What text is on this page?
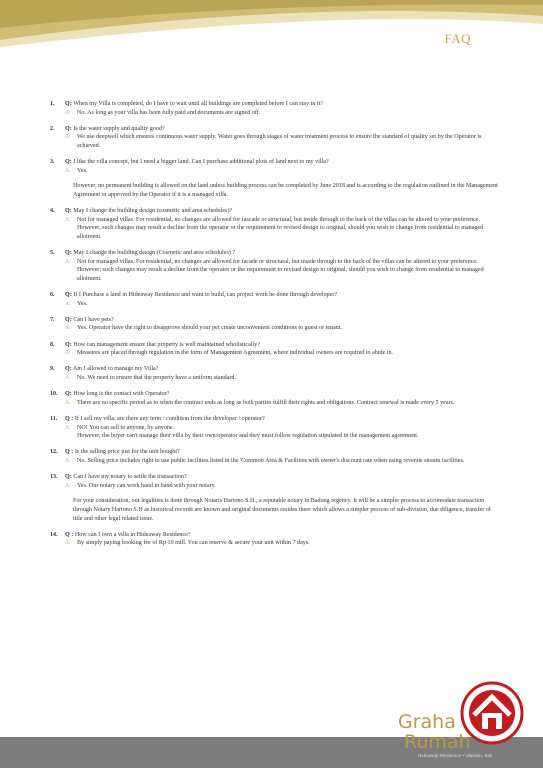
FAQ
1. Q: When my Villa is completed, do I have to wait until all buildings are completed before I can stay in it?
A:	No. As long as your villa has been fully paid and documents are signed off.
2. Q: Is the water supply and quality good?
A:	We use deepwell which ensures continuous water supply. Water goes through stages of water treatment process to ensure the standard of quality set by the Operator is achieved.
3. Q: I like the villa concept, but I need a bigger land. Can I purchase additional plots of land next to my villa?
A:	Yes.
However, no permanent building is allowed on the land unless building process can be completed by June 2018 and is according to the regulation outlined in the Management Agreement or approved by the Operator if it is a managed villa.
4. Q: May I change the building design (cosmetic and area schedules)?
A:	Not for managed villas. For residential, no changes are allowed for fascade or structural, but inside through to the back of the villas can be altered to your preference. However, such changes may result a decline from the operator or the requirement to revised design to original, should you wish to change from residential to managed allotment.
5. Q: May I change the building design (Cosmetic and area schedules) ?
A:	Not for managed villas. For residential, no changes are allowed for facade or structural, but inside through to the back of the villas can be altered to your preference. However; such changes may result a decline from the operator or the requirement to revised design to original, should you wish to change from residential to managed allotment.
6. Q: If I Purchase a land in Hideaway Residence and want to build, can project work be done through developer?
A:	Yes.
7. Q: Can I have pets?
A:	Yes. Operator have the right to disapprove should your pet create unconvenient conditions to guest or tenant.
8. Q: How can management ensure that property is well maintained wholistically?
A:	Measures are placed through regulation in the form of Management Agreement, where individual owners are required to abide in.
9. Q: Am I allowed to manage my Villa?
A:	No. We need to ensure that the property have a uniform standard.
10. Q: How long is the contact with Operator?
A:	There are no specific period as to when the contract ends as long as both parties fulfill their rights and obligations. Contract renewal is made every 5 years.
11. Q : If I sell my villa, are there any term / condition from the developer / operator?
A:	NO! You can sell to anyone, by anyone.
However, the buyer can't manage their villa by their own/operator and they must follow regulation stipulated in the management agreement.
12. Q : Is the selling price just for the unit bought?
A:	No. Selling price includes right to use public facilities listed in the 'Common Area & Facilities with owner's discount rate when using revenue stream facilities.
13. Q: Can I have my notary to settle the transaction?
A:	Yes. Our notary can work hand in hand with your notary.
For your consideration, our legalities is done through Notaris Hartono S.H., a reputable notary in Badung regency. It will be a simpler process to accomodate transaction through Notary Hartono S.H as historical records are known and original documents resides there which allows a simpler process of sub-division, due diligence, transfer of title and other legal related issue.
14. Q : How can I own a villa in Hideaway Residence?
A:	By simply paying booking fee of Rp 10 mill. You can reserve & secure your unit within 7 days.
Graha
Rumah
Hideaway Residence • Uluwatu, Bali
